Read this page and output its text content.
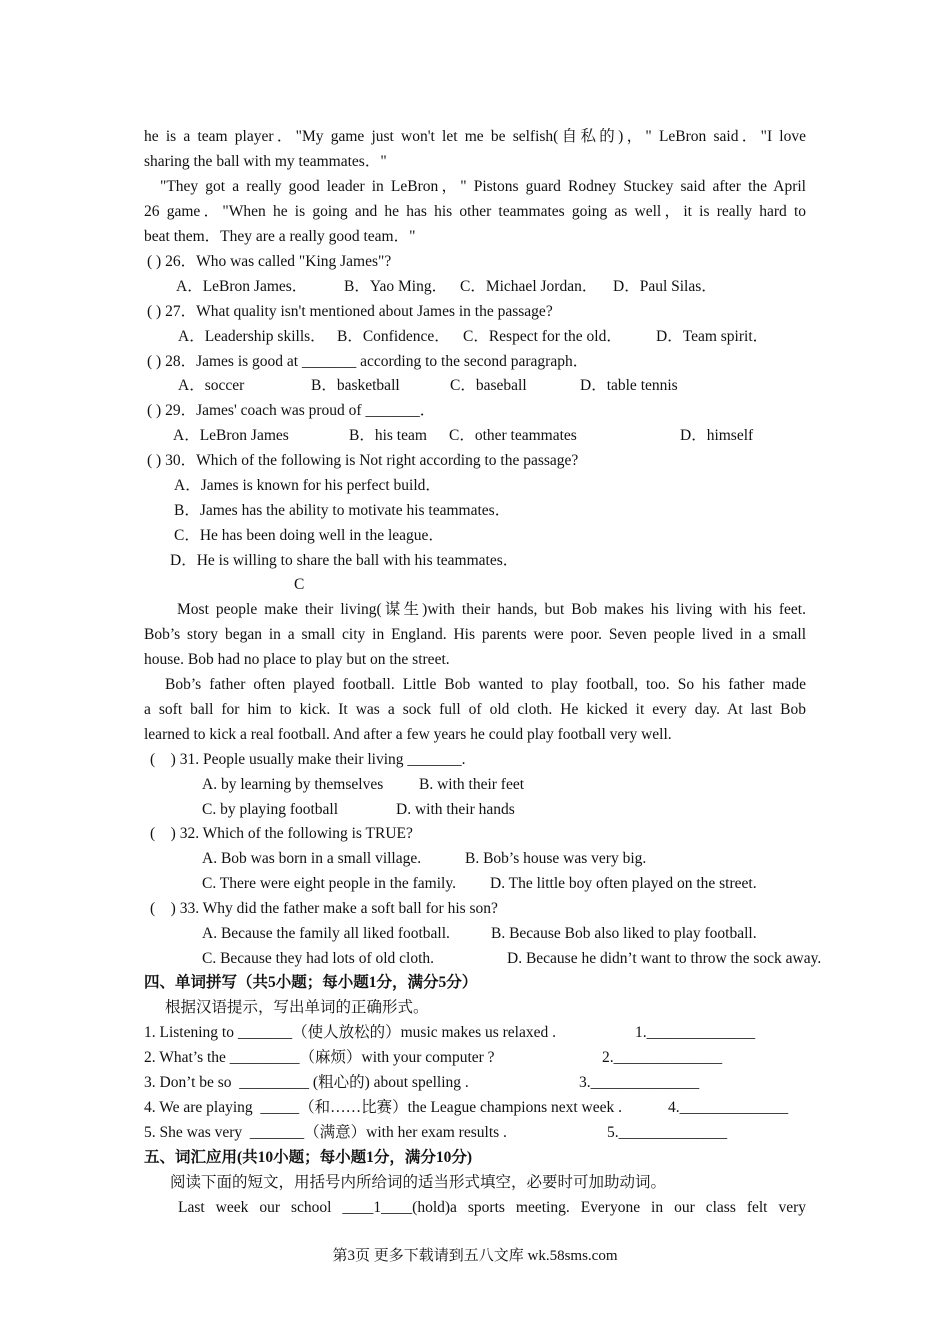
he is a team player．"My game just won't let me be selfish(自私的)，" LeBron said．"I love
sharing the ball with my teammates．"
"They got a really good leader in LeBron，" Pistons guard Rodney Stuckey said after the April
26 game．"When he is going and he has his other teammates going as well，it is really hard to
beat them．They are a really good team．"
( ) 26．Who was called "King James"?
A．LeBron James． B．Yao Ming． C．Michael Jordan． D．Paul Silas．
( ) 27．What quality isn't mentioned about James in the passage?
A．Leadership skills． B．Confidence． C．Respect for the old． D．Team spirit．
( ) 28．James is good at _______ according to the second paragraph．
A．soccer	B．basketball	C．baseball	D．table tennis
( ) 29．James' coach was proud of _______．
A．LeBron James	B．his team C．other teammates	D．himself
( ) 30．Which of the following is Not right according to the passage?
A．James is known for his perfect build．
B．James has the ability to motivate his teammates．
C．He has been doing well in the league．
D．He is willing to share the ball with his teammates．
C
Most people make their living(谋生)with their hands, but Bob makes his living with his feet.
Bob’s story began in a small city in England. His parents were poor. Seven people lived in a small
house. Bob had no place to play but on the street.
Bob’s father often played football. Little Bob wanted to play football, too. So his father made
a soft ball for him to kick. It was a sock full of old cloth. He kicked it every day. At last Bob
learned to kick a real football. And after a few years he could play football very well.
(    ) 31. People usually make their living _______.
A. by learning by themselves B. with their feet
C. by playing football	D. with their hands
(    ) 32. Which of the following is TRUE?
A. Bob was born in a small village.	B. Bob’s house was very big.
C. There were eight people in the family. D. The little boy often played on the street.
(    ) 33. Why did the father make a soft ball for his son?
A. Because the family all liked football.	B. Because Bob also liked to play football.
C. Because they had lots of old cloth.	D. Because he didn’t want to throw the sock away.
四、单词拼写（共5小题；每小题1分，满分5分）
根据汉语提示，写出单词的正确形式。
1. Listening to _______（使人放松的）music makes us relaxed .	1.______________
2. What’s the _________（麻烦）with your computer ?	2.______________
3. Don’t be so  _________ (粗心的) about spelling .	3.______________
4. We are playing  _____（和……比赛）the League champions next week .	4.______________
5. She was very  _______（满意）with her exam results .	5.______________
五、词汇应用(共10小题；每小题1分，满分10分)
阅读下面的短文，用括号内所给词的适当形式填空，必要时可加助动词。
Last week our school ____1____(hold)a sports meeting. Everyone in our class felt very
第3页 更多下载请到五八文库 wk.58sms.com
